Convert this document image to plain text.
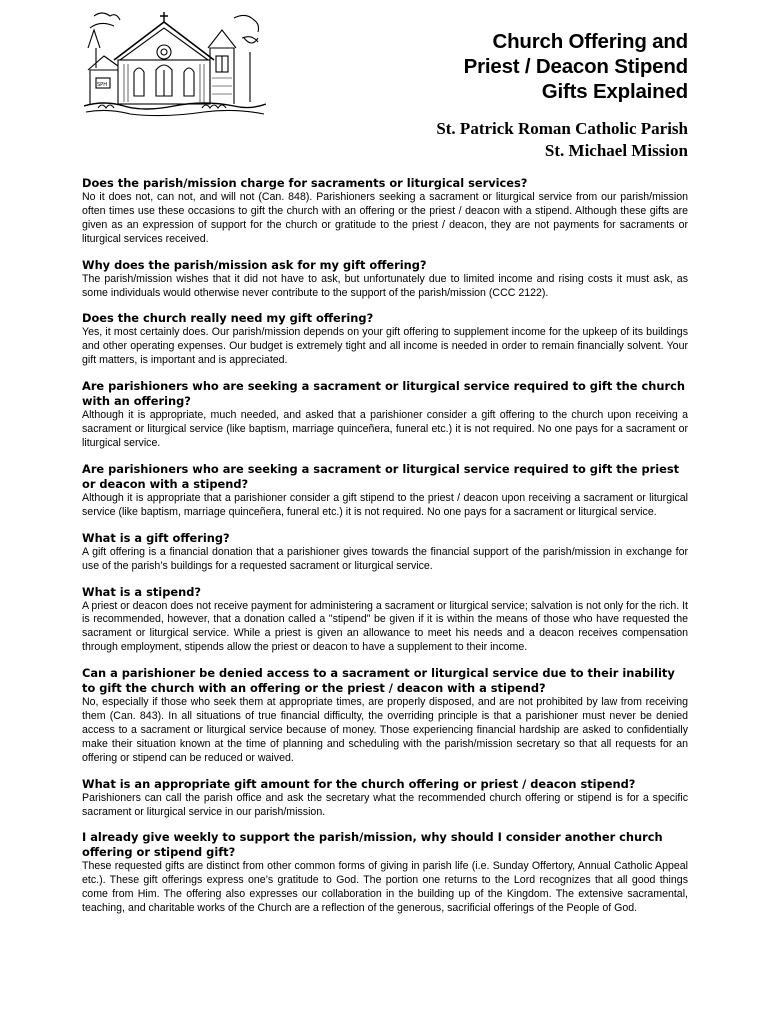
SPH
Church Offering and
Priest / Deacon Stipend
Gifts Explained
St. Patrick Roman Catholic Parish
St. Michael Mission

Does the parish/mission charge for sacraments or liturgical services?

No it does not, can not, and will not (Can. 848). Parishioners seeking a sacrament or liturgical service from our parish/mission often times use these occasions to gift the church with an offering or the priest / deacon with a stipend. Although these gifts are given as an expression of support for the church or gratitude to the priest / deacon, they are not payments for sacraments or liturgical services received.

Why does the parish/mission ask for my gift offering?

The parish/mission wishes that it did not have to ask, but unfortunately due to limited income and rising costs it must ask, as some individuals would otherwise never contribute to the support of the parish/mission (CCC 2122).

Does the church really need my gift offering?

Yes, it most certainly does. Our parish/mission depends on your gift offering to supplement income for the upkeep of its buildings and other operating expenses. Our budget is extremely tight and all income is needed in order to remain financially solvent. Your gift matters, is important and is appreciated.

Are parishioners who are seeking a sacrament or liturgical service required to gift the church with an offering?

Although it is appropriate, much needed, and asked that a parishioner consider a gift offering to the church upon receiving a sacrament or liturgical service (like baptism, marriage quinceñera, funeral etc.) it is not required. No one pays for a sacrament or liturgical service.

Are parishioners who are seeking a sacrament or liturgical service required to gift the priest or deacon with a stipend?

Although it is appropriate that a parishioner consider a gift stipend to the priest / deacon upon receiving a sacrament or liturgical service (like baptism, marriage quinceñera, funeral etc.) it is not required. No one pays for a sacrament or liturgical service.

What is a gift offering?

A gift offering is a financial donation that a parishioner gives towards the financial support of the parish/mission in exchange for use of the parish’s buildings for a requested sacrament or liturgical service.

What is a stipend?

A priest or deacon does not receive payment for administering a sacrament or liturgical service; salvation is not only for the rich. It is recommended, however, that a donation called a "stipend" be given if it is within the means of those who have requested the sacrament or liturgical service. While a priest is given an allowance to meet his needs and a deacon receives compensation through employment, stipends allow the priest or deacon to have a supplement to their income.

Can a parishioner be denied access to a sacrament or liturgical service due to their inability to gift the church with an offering or the priest / deacon with a stipend?

No, especially if those who seek them at appropriate times, are properly disposed, and are not prohibited by law from receiving them (Can. 843). In all situations of true financial difficulty, the overriding principle is that a parishioner must never be denied access to a sacrament or liturgical service because of money. Those experiencing financial hardship are asked to confidentially make their situation known at the time of planning and scheduling with the parish/mission secretary so that all requests for an offering or stipend can be reduced or waived.

What is an appropriate gift amount for the church offering or priest / deacon stipend?

Parishioners can call the parish office and ask the secretary what the recommended church offering or stipend is for a specific sacrament or liturgical service in our parish/mission.

I already give weekly to support the parish/mission, why should I consider another church offering or stipend gift?

These requested gifts are distinct from other common forms of giving in parish life (i.e. Sunday Offertory, Annual Catholic Appeal etc.). These gift offerings express one’s gratitude to God. The portion one returns to the Lord recognizes that all good things come from Him. The offering also expresses our collaboration in the building up of the Kingdom. The extensive sacramental, teaching, and charitable works of the Church are a reflection of the generous, sacrificial offerings of the People of God.
